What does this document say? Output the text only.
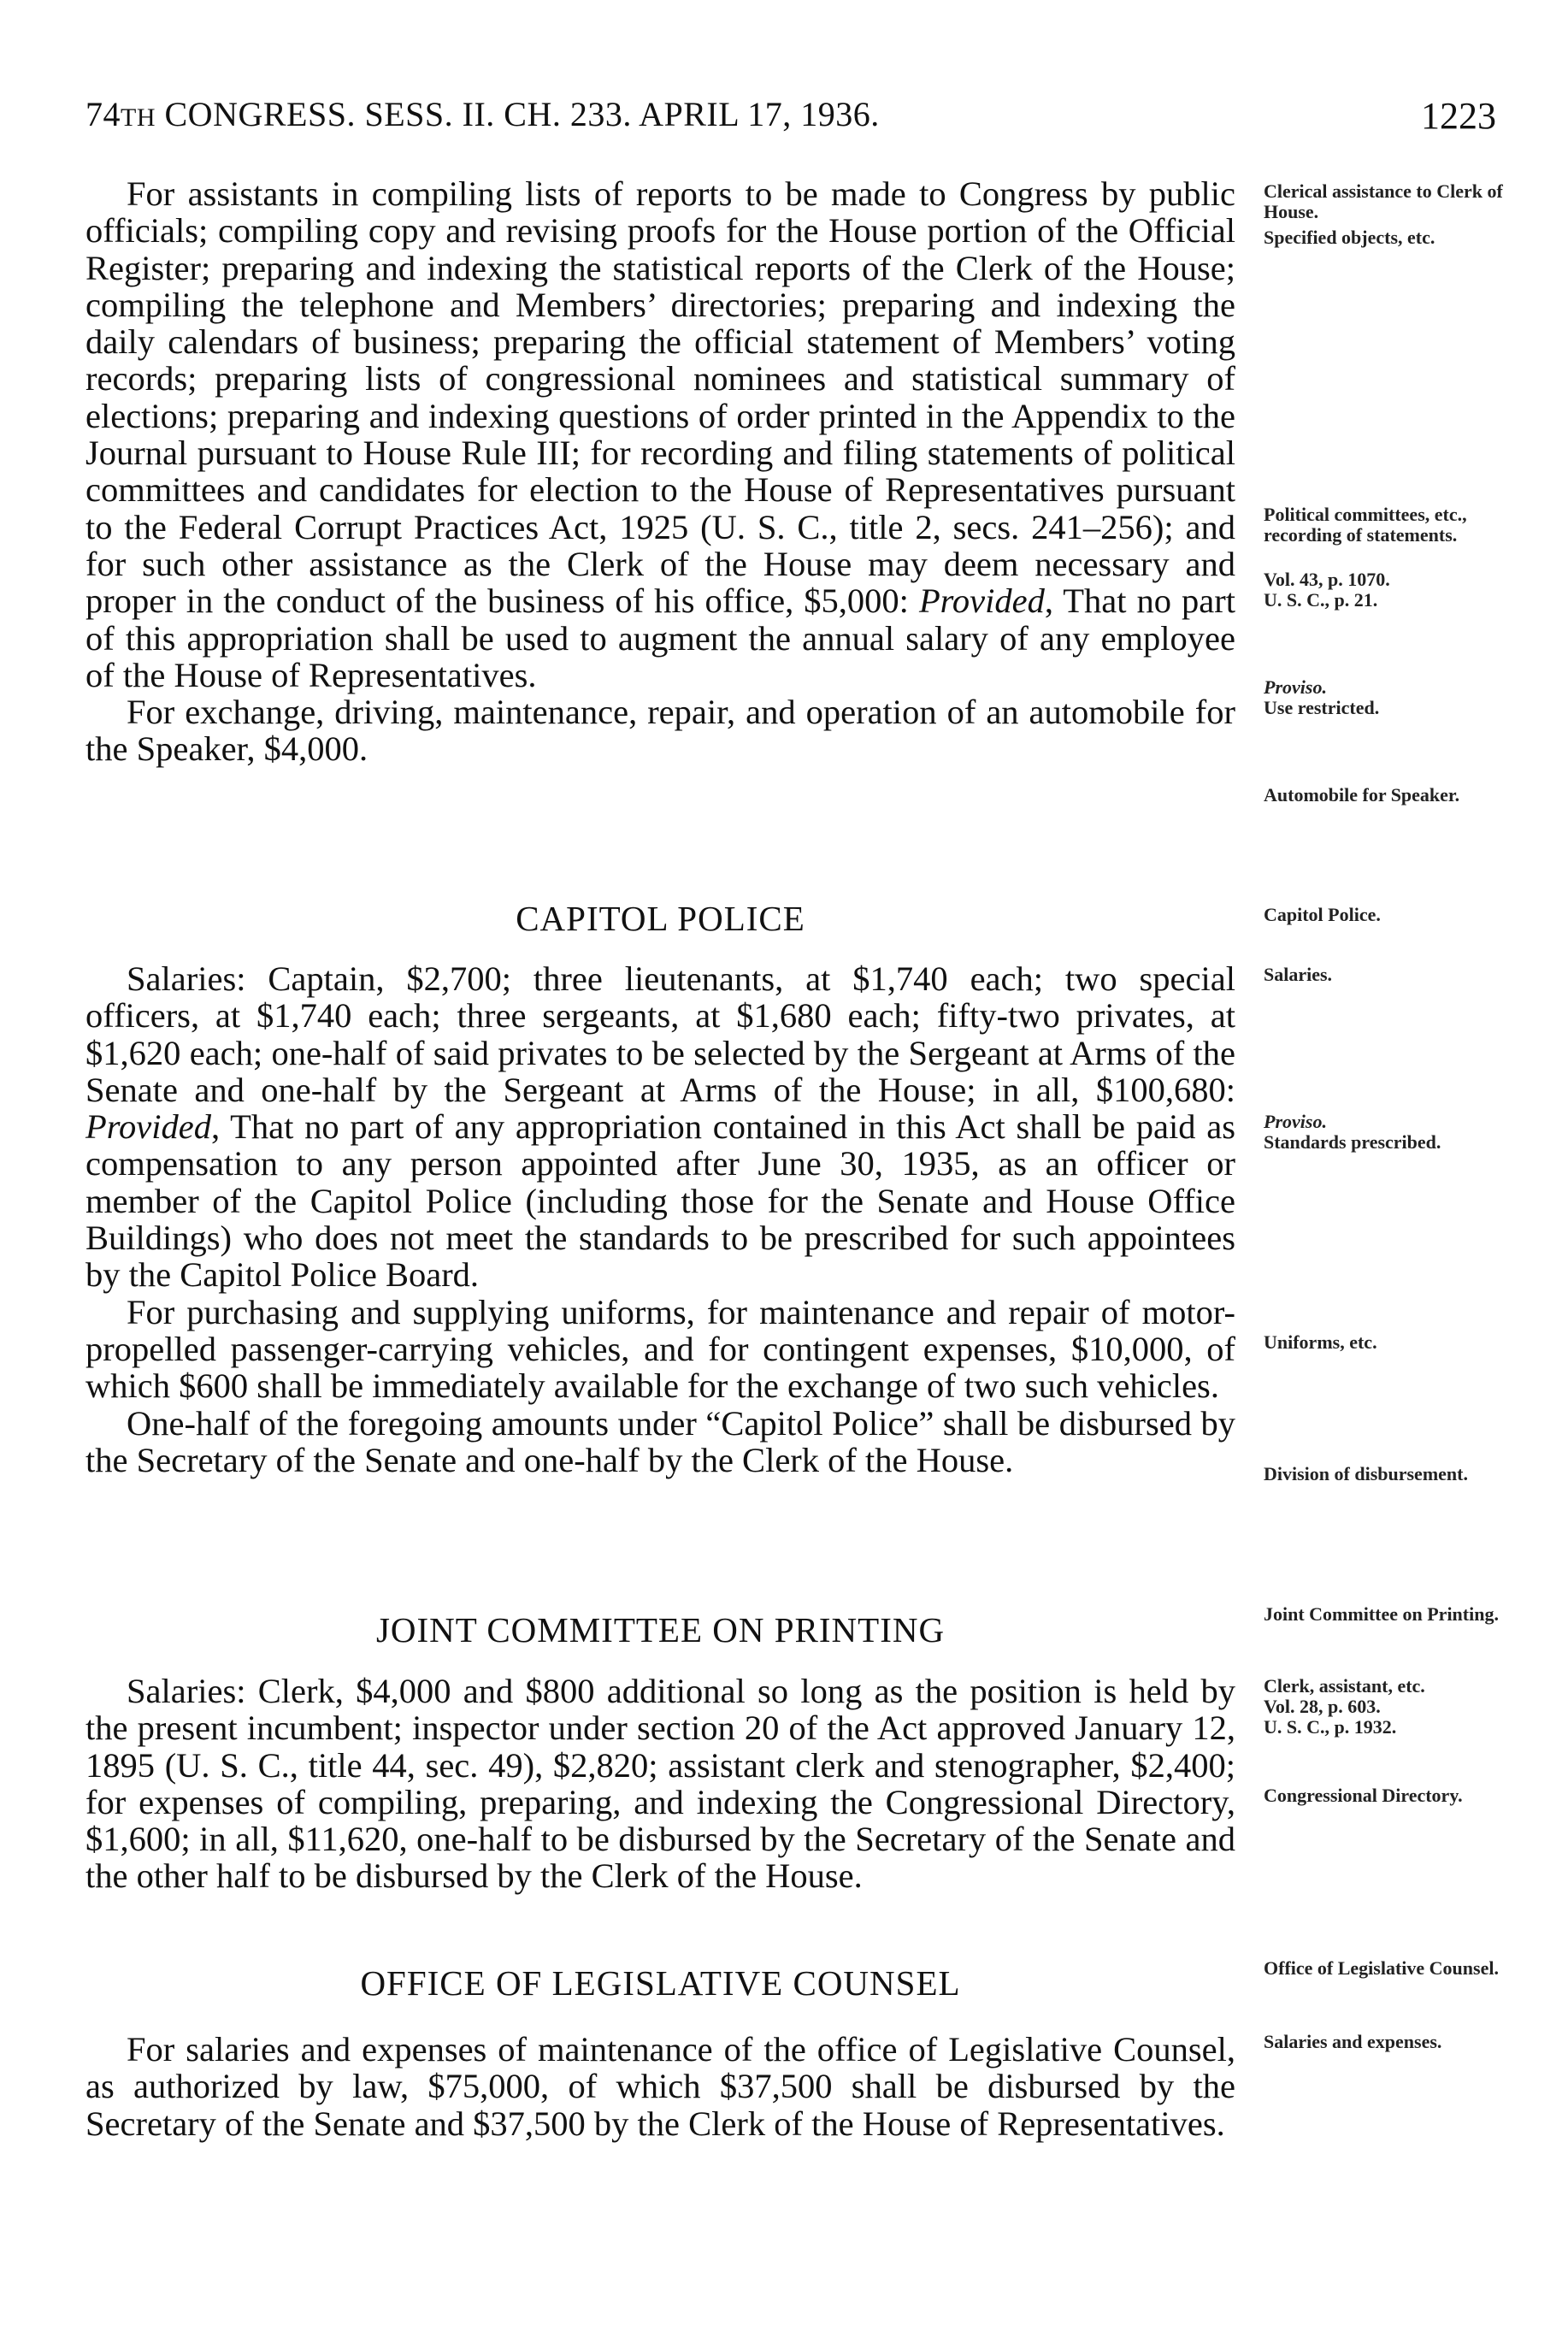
74TH CONGRESS. SESS. II. CH. 233. APRIL 17, 1936.	1223

For assistants in compiling lists of reports to be made to Congress by public officials; compiling copy and revising proofs for the House portion of the Official Register; preparing and indexing the statistical reports of the Clerk of the House; compiling the telephone and Members’ directories; preparing and indexing the daily calendars of business; preparing the official statement of Members’ voting records; preparing lists of congressional nominees and statistical summary of elections; preparing and indexing questions of order printed in the Appendix to the Journal pursuant to House Rule III; for recording and filing statements of political committees and candidates for election to the House of Representatives pursuant to the Federal Corrupt Practices Act, 1925 (U. S. C., title 2, secs. 241–256); and for such other assistance as the Clerk of the House may deem necessary and proper in the conduct of the business of his office, $5,000: Provided, That no part of this appropriation shall be used to augment the annual salary of any employee of the House of Representatives.

For exchange, driving, maintenance, repair, and operation of an automobile for the Speaker, $4,000.

CAPITOL POLICE

Salaries: Captain, $2,700; three lieutenants, at $1,740 each; two special officers, at $1,740 each; three sergeants, at $1,680 each; fifty-two privates, at $1,620 each; one-half of said privates to be selected by the Sergeant at Arms of the Senate and one-half by the Sergeant at Arms of the House; in all, $100,680: Provided, That no part of any appropriation contained in this Act shall be paid as compensation to any person appointed after June 30, 1935, as an officer or member of the Capitol Police (including those for the Senate and House Office Buildings) who does not meet the standards to be prescribed for such appointees by the Capitol Police Board.

For purchasing and supplying uniforms, for maintenance and repair of motor-propelled passenger-carrying vehicles, and for contingent expenses, $10,000, of which $600 shall be immediately available for the exchange of two such vehicles.

One-half of the foregoing amounts under “Capitol Police” shall be disbursed by the Secretary of the Senate and one-half by the Clerk of the House.

JOINT COMMITTEE ON PRINTING

Salaries: Clerk, $4,000 and $800 additional so long as the position is held by the present incumbent; inspector under section 20 of the Act approved January 12, 1895 (U. S. C., title 44, sec. 49), $2,820; assistant clerk and stenographer, $2,400; for expenses of compiling, preparing, and indexing the Congressional Directory, $1,600; in all, $11,620, one-half to be disbursed by the Secretary of the Senate and the other half to be disbursed by the Clerk of the House.

OFFICE OF LEGISLATIVE COUNSEL

For salaries and expenses of maintenance of the office of Legislative Counsel, as authorized by law, $75,000, of which $37,500 shall be disbursed by the Secretary of the Senate and $37,500 by the Clerk of the House of Representatives.

Clerical assistance to Clerk of House.
Specified objects, etc.
Political committees, etc., recording of statements.
Vol. 43, p. 1070.
U. S. C., p. 21.
Proviso.
Use restricted.
Automobile for Speaker.
Capitol Police.
Salaries.
Proviso.
Standards prescribed.
Uniforms, etc.
Division of disbursement.
Joint Committee on Printing.
Clerk, assistant, etc.
Vol. 28, p. 603.
U. S. C., p. 1932.
Congressional Directory.
Office of Legislative Counsel.
Salaries and expenses.
